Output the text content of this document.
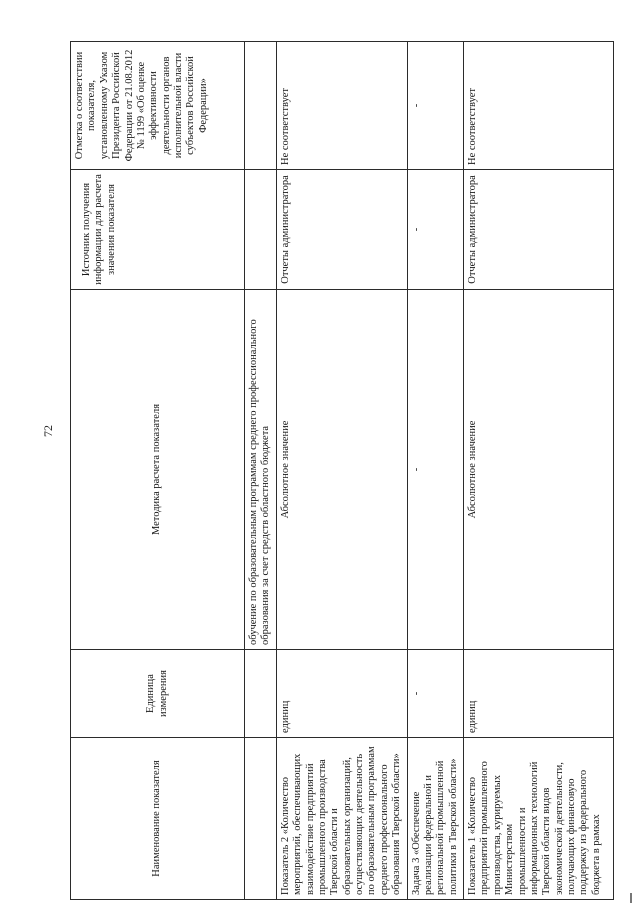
72
Наименование показателя	Единица измерения	Методика расчета показателя	Источник получения информации для расчета значения показателя	Отметка о соответствии показателя, установленному Указом Президента Российской Федерации от 21.08.2012 № 1199 «Об оценке эффективности деятельности органов исполнительной власти субъектов Российской Федерации»
		обучение по образовательным программам среднего профессионального образования за счет средств областного бюджета		
Показатель 2 «Количество мероприятий, обеспечивающих взаимодействие предприятий промышленного производства Тверской области и образовательных организаций, осуществляющих деятельность по образовательным программам среднего профессионального образования Тверской области»	единиц	Абсолютное значение	Отчеты администратора	Не соответствует
Задача 3 «Обеспечение реализации федеральной и региональной промышленной политики в Тверской области»	-	-	-	-
Показатель 1 «Количество предприятий промышленного производства, курируемых Министерством промышленности и информационных технологий Тверской области видов экономической деятельности, получающих финансовую поддержку из федерального бюджета в рамках	единиц	Абсолютное значение	Отчеты администратора	Не соответствует
